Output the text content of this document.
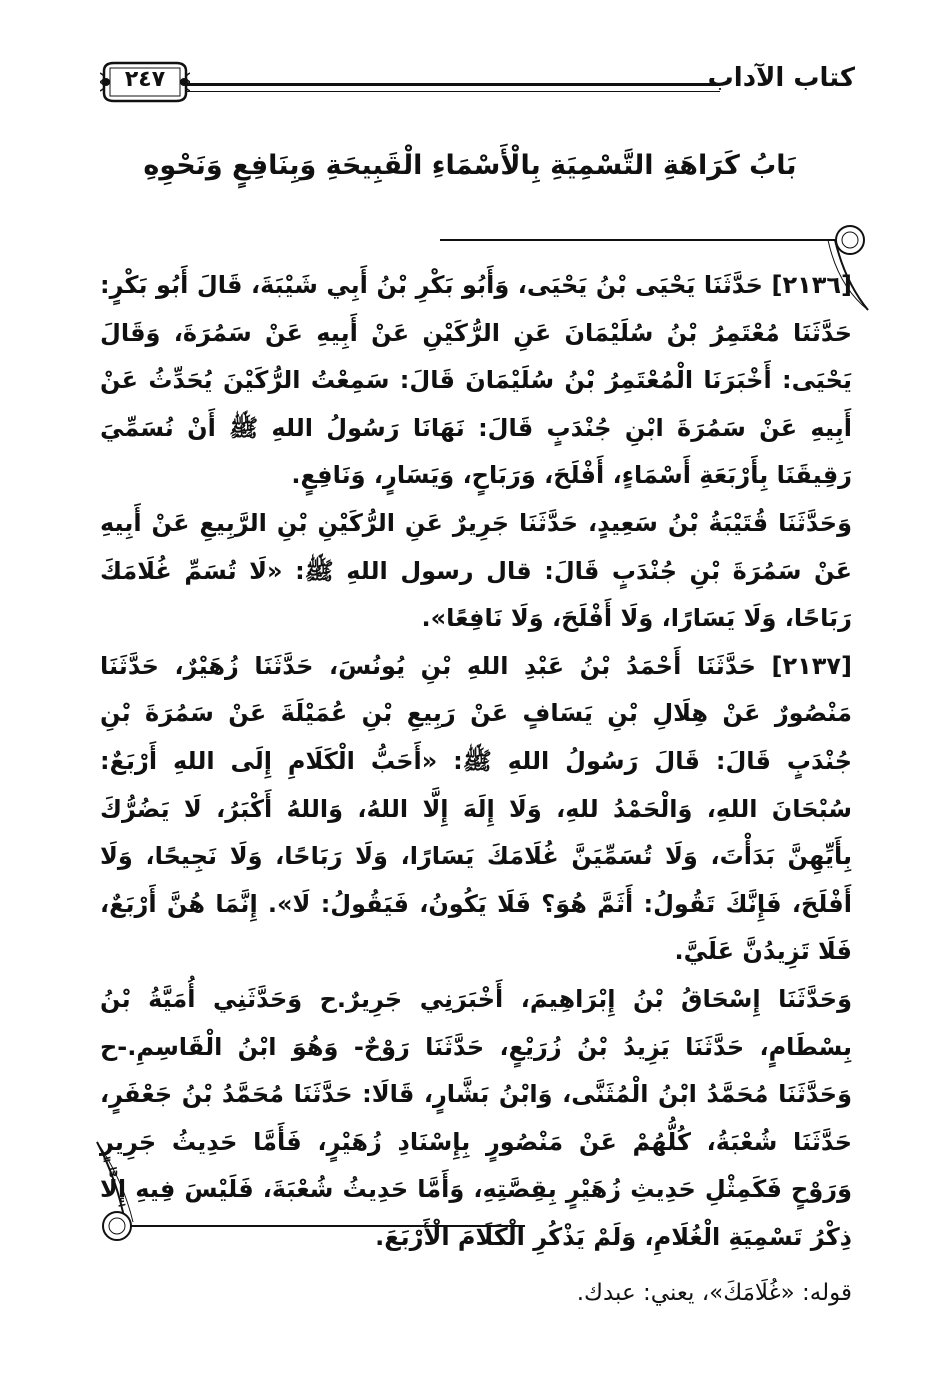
كتاب الآداب
٢٤٧
بَابُ كَرَاهَةِ التَّسْمِيَةِ بِالْأَسْمَاءِ الْقَبِيحَةِ وَبِنَافِعٍ وَنَحْوِهِ

[٢١٣٦] حَدَّثَنَا يَحْيَى بْنُ يَحْيَى، وَأَبُو بَكْرِ بْنُ أَبِي شَيْبَةَ، قَالَ أَبُو بَكْرٍ: حَدَّثَنَا مُعْتَمِرُ بْنُ سُلَيْمَانَ عَنِ الرُّكَيْنِ عَنْ أَبِيهِ عَنْ سَمُرَةَ، وَقَالَ يَحْيَى: أَخْبَرَنَا الْمُعْتَمِرُ بْنُ سُلَيْمَانَ قَالَ: سَمِعْتُ الرُّكَيْنَ يُحَدِّثُ عَنْ أَبِيهِ عَنْ سَمُرَةَ ابْنِ جُنْدَبٍ قَالَ: نَهَانَا رَسُولُ اللهِ ﷺ أَنْ نُسَمِّيَ رَقِيقَنَا بِأَرْبَعَةِ أَسْمَاءٍ، أَفْلَحَ، وَرَبَاحٍ، وَيَسَارٍ، وَنَافِعٍ.

وَحَدَّثَنَا قُتَيْبَةُ بْنُ سَعِيدٍ، حَدَّثَنَا جَرِيرٌ عَنِ الرُّكَيْنِ بْنِ الرَّبِيعِ عَنْ أَبِيهِ عَنْ سَمُرَةَ بْنِ جُنْدَبٍ قَالَ: قال رسول اللهِ ﷺ: «لَا تُسَمِّ غُلَامَكَ رَبَاحًا، وَلَا يَسَارًا، وَلَا أَفْلَحَ، وَلَا نَافِعًا».

[٢١٣٧] حَدَّثَنَا أَحْمَدُ بْنُ عَبْدِ اللهِ بْنِ يُونُسَ، حَدَّثَنَا زُهَيْرٌ، حَدَّثَنَا مَنْصُورٌ عَنْ هِلَالِ بْنِ يَسَافٍ عَنْ رَبِيعِ بْنِ عُمَيْلَةَ عَنْ سَمُرَةَ بْنِ جُنْدَبٍ قَالَ: قَالَ رَسُولُ اللهِ ﷺ: «أَحَبُّ الْكَلَامِ إِلَى اللهِ أَرْبَعٌ: سُبْحَانَ اللهِ، وَالْحَمْدُ للهِ، وَلَا إِلَهَ إِلَّا اللهُ، وَاللهُ أَكْبَرُ، لَا يَضُرُّكَ بِأَيِّهِنَّ بَدَأْتَ، وَلَا تُسَمِّيَنَّ غُلَامَكَ يَسَارًا، وَلَا رَبَاحًا، وَلَا نَجِيحًا، وَلَا أَفْلَحَ، فَإِنَّكَ تَقُولُ: أَثَمَّ هُوَ؟ فَلَا يَكُونُ، فَيَقُولُ: لَا». إِنَّمَا هُنَّ أَرْبَعٌ، فَلَا تَزِيدُنَّ عَلَيَّ.

وَحَدَّثَنَا إِسْحَاقُ بْنُ إِبْرَاهِيمَ، أَخْبَرَنِي جَرِيرٌ.ح وَحَدَّثَنِي أُمَيَّةُ بْنُ بِسْطَامٍ، حَدَّثَنَا يَزِيدُ بْنُ زُرَيْعٍ، حَدَّثَنَا رَوْحٌ- وَهُوَ ابْنُ الْقَاسِمِ.-ح وَحَدَّثَنَا مُحَمَّدُ ابْنُ الْمُثَنَّى، وَابْنُ بَشَّارٍ، قَالَا: حَدَّثَنَا مُحَمَّدُ بْنُ جَعْفَرٍ، حَدَّثَنَا شُعْبَةُ، كُلُّهُمْ عَنْ مَنْصُورٍ بِإِسْنَادِ زُهَيْرٍ، فَأَمَّا حَدِيثُ جَرِيرٍ وَرَوْحٍ فَكَمِثْلِ حَدِيثِ زُهَيْرٍ بِقِصَّتِهِ، وَأَمَّا حَدِيثُ شُعْبَةَ، فَلَيْسَ فِيهِ إِلَّا ذِكْرُ تَسْمِيَةِ الْغُلَامِ، وَلَمْ يَذْكُرِ الْكَلَامَ الْأَرْبَعَ.

قوله: «غُلَامَكَ»، يعني: عبدك.
